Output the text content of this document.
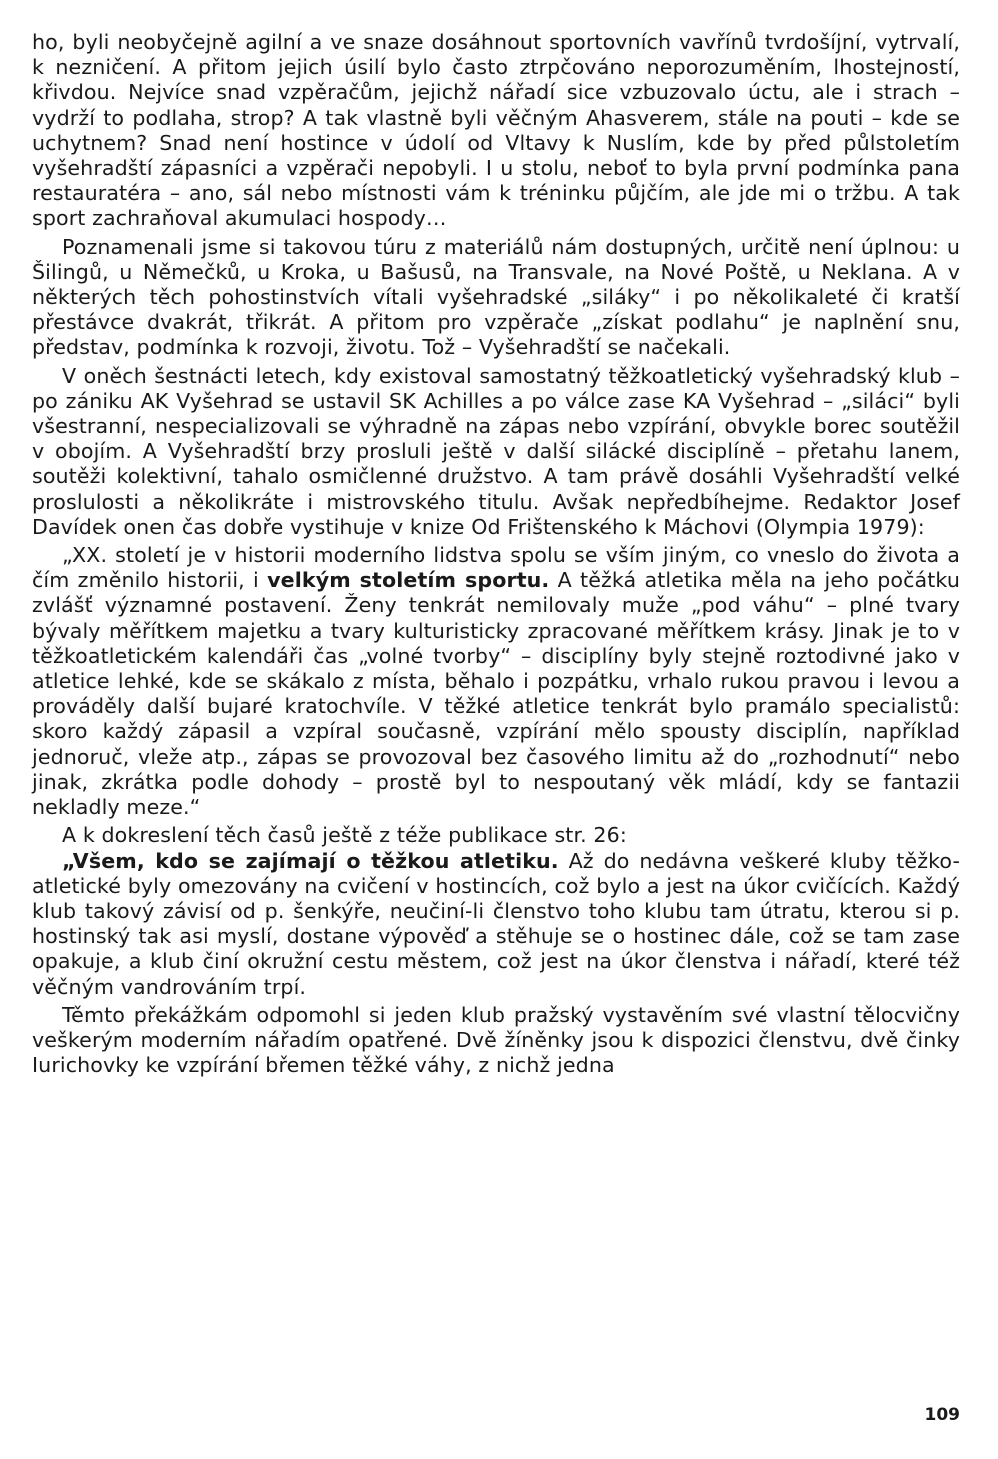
ho, byli neobyčejně agilní a ve snaze dosáhnout sportovních vavřínů tvrdošíjní, vytrvalí, k nezničení. A přitom jejich úsilí bylo často ztrpčováno neporozuměním, lhostejností, křivdou. Nejvíce snad vzpěračům, jejichž nářadí sice vzbuzovalo úctu, ale i strach – vydrží to podlaha, strop? A tak vlastně byli věčným Ahasverem, stále na pouti – kde se uchytnem? Snad není hostince v údolí od Vltavy k Nuslím, kde by před půlstoletím vyšehradští zápasníci a vzpěrači nepobyli. I u stolu, neboť to byla první podmínka pana restauratéra – ano, sál nebo místnosti vám k tréninku půjčím, ale jde mi o tržbu. A tak sport zachraňoval akumulaci hospody…

Poznamenali jsme si takovou túru z materiálů nám dostupných, určitě není úplnou: u Šilingů, u Němečků, u Kroka, u Bašusů, na Transvale, na Nové Poště, u Neklana. A v některých těch pohostinstvích vítali vyšehradské „siláky“ i po několikaleté či kratší přestávce dvakrát, třikrát. A přitom pro vzpěrače „získat podlahu“ je naplnění snu, představ, podmínka k rozvoji, životu. Tož – Vyšehradští se načekali.

V oněch šestnácti letech, kdy existoval samostatný těžkoatletický vyšehradský klub – po zániku AK Vyšehrad se ustavil SK Achilles a po válce zase KA Vyšehrad – „siláci“ byli všestranní, nespecializovali se výhradně na zápas nebo vzpírání, obvykle borec soutěžil v obojím. A Vyšehradští brzy prosluli ještě v další silácké disciplíně – přetahu lanem, soutěži kolektivní, tahalo osmičlenné družstvo. A tam právě dosáhli Vyšehradští velké proslulosti a několikráte i mistrovského titulu. Avšak nepředbíhejme. Redaktor Josef Davídek onen čas dobře vystihuje v knize Od Frištenského k Máchovi (Olympia 1979):

„XX. století je v historii moderního lidstva spolu se vším jiným, co vneslo do života a čím změnilo historii, i velkým stoletím sportu. A těžká atletika měla na jeho počátku zvlášť významné postavení. Ženy tenkrát nemilovaly muže „pod váhu“ – plné tvary bývaly měřítkem majetku a tvary kulturisticky zpracované měřítkem krásy. Jinak je to v těžkoatletickém kalendáři čas „volné tvorby“ – disciplíny byly stejně roztodivné jako v atletice lehké, kde se skákalo z místa, běhalo i pozpátku, vrhalo rukou pravou i levou a prováděly další bujaré kratochvíle. V těžké atletice tenkrát bylo pramálo specialistů: skoro každý zápasil a vzpíral současně, vzpírání mělo spousty disciplín, například jednoruč, vleže atp., zápas se provozoval bez časového limitu až do „rozhodnutí“ nebo jinak, zkrátka podle dohody – prostě byl to nespoutaný věk mládí, kdy se fantazii nekladly meze.“

A k dokreslení těch časů ještě z téže publikace str. 26:

„Všem, kdo se zajímají o těžkou atletiku. Až do nedávna veškeré kluby těžko-atletické byly omezovány na cvičení v hostincích, což bylo a jest na úkor cvičících. Každý klub takový závisí od p. šenkýře, neučiní-li členstvo toho klubu tam útratu, kterou si p. hostinský tak asi myslí, dostane výpověď a stěhuje se o hostinec dále, což se tam zase opakuje, a klub činí okružní cestu městem, což jest na úkor členstva i nářadí, které též věčným vandrováním trpí.

Těmto překážkám odpomohl si jeden klub pražský vystavěním své vlastní tělocvičny veškerým moderním nářadím opatřené. Dvě žíněnky jsou k dispozici členstvu, dvě činky Iurichovky ke vzpírání břemen těžké váhy, z nichž jedna

109
